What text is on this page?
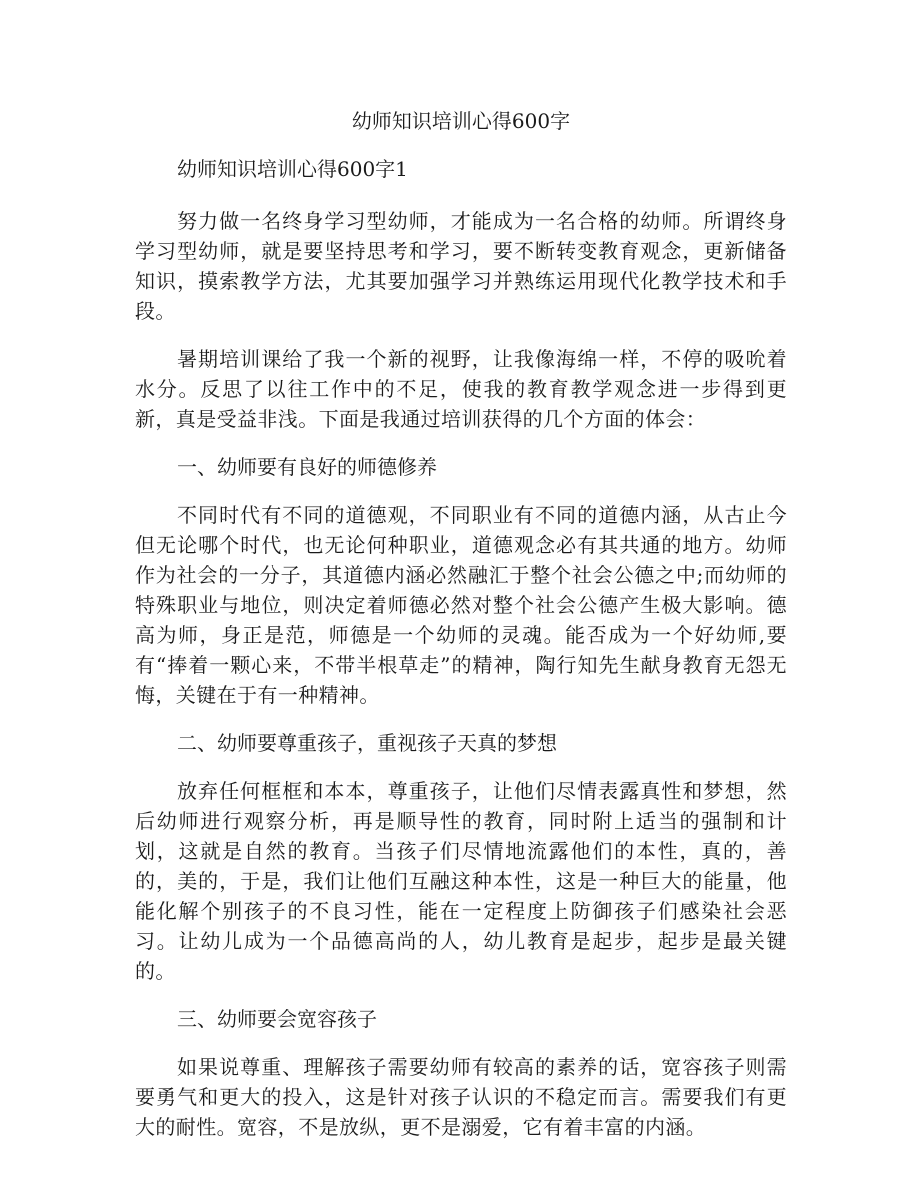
幼师知识培训心得600字
幼师知识培训心得600字1

努力做一名终身学习型幼师，才能成为一名合格的幼师。所谓终身学习型幼师，就是要坚持思考和学习，要不断转变教育观念，更新储备知识，摸索教学方法，尤其要加强学习并熟练运用现代化教学技术和手段。

暑期培训课给了我一个新的视野，让我像海绵一样，不停的吸吮着水分。反思了以往工作中的不足，使我的教育教学观念进一步得到更新，真是受益非浅。下面是我通过培训获得的几个方面的体会：

一、幼师要有良好的师德修养

不同时代有不同的道德观，不同职业有不同的道德内涵，从古止今但无论哪个时代，也无论何种职业，道德观念必有其共通的地方。幼师作为社会的一分子，其道德内涵必然融汇于整个社会公德之中;而幼师的特殊职业与地位，则决定着师德必然对整个社会公德产生极大影响。德高为师，身正是范，师德是一个幼师的灵魂。能否成为一个好幼师,要有“捧着一颗心来，不带半根草走”的精神，陶行知先生献身教育无怨无悔，关键在于有一种精神。

二、幼师要尊重孩子，重视孩子天真的梦想

放弃任何框框和本本，尊重孩子，让他们尽情表露真性和梦想，然后幼师进行观察分析，再是顺导性的教育，同时附上适当的强制和计划，这就是自然的教育。当孩子们尽情地流露他们的本性，真的，善的，美的，于是，我们让他们互融这种本性，这是一种巨大的能量，他能化解个别孩子的不良习性，能在一定程度上防御孩子们感染社会恶习。让幼儿成为一个品德高尚的人，幼儿教育是起步，起步是最关键的。

三、幼师要会宽容孩子

如果说尊重、理解孩子需要幼师有较高的素养的话，宽容孩子则需要勇气和更大的投入，这是针对孩子认识的不稳定而言。需要我们有更大的耐性。宽容，不是放纵，更不是溺爱，它有着丰富的内涵。
